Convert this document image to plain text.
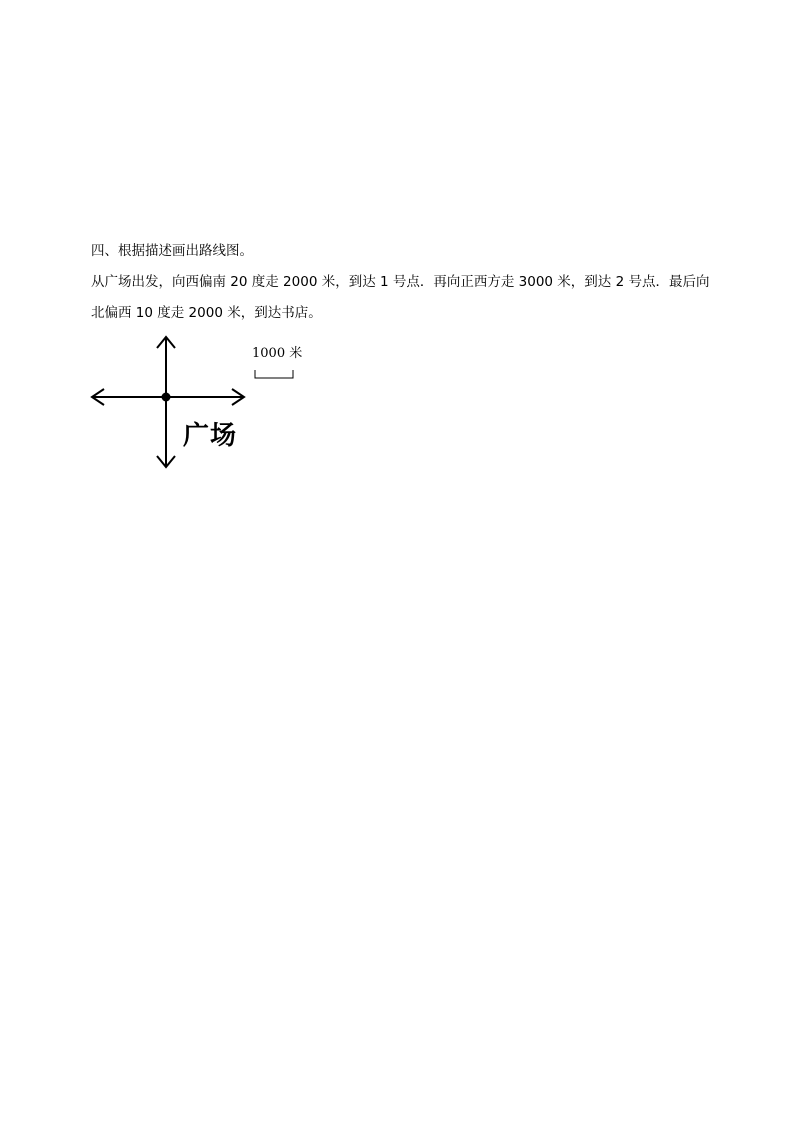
四、根据描述画出路线图。

从广场出发，向西偏南 20 度走 2000 米，到达 1 号点．再向正西方走 3000 米，到达 2 号点．最后向

北偏西 10 度走 2000 米，到达书店。

1000 米
广场
